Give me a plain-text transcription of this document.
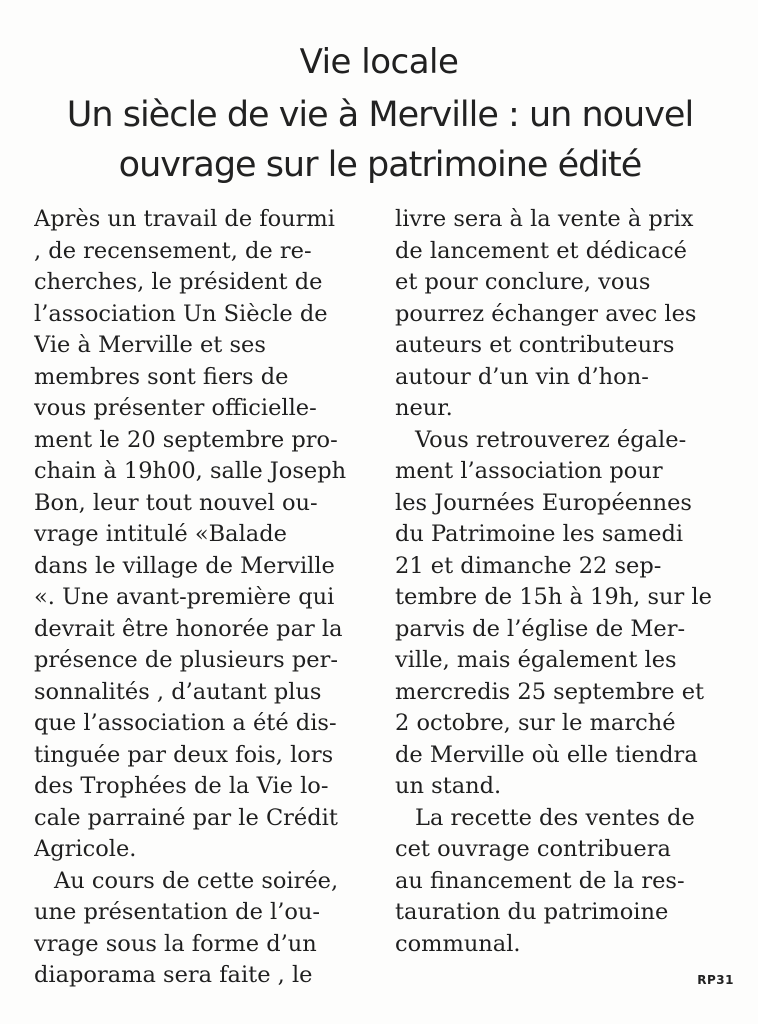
Vie locale
Un siècle de vie à Merville : un nouvel
ouvrage sur le patrimoine édité

Après un travail de fourmi
, de recensement, de re-
cherches, le président de
l’association Un Siècle de
Vie à Merville et ses
membres sont fiers de
vous présenter officielle-
ment le 20 septembre pro-
chain à 19h00, salle Joseph
Bon, leur tout nouvel ou-
vrage intitulé «Balade
dans le village de Merville
«. Une avant-première qui
devrait être honorée par la
présence de plusieurs per-
sonnalités , d’autant plus
que l’association a été dis-
tinguée par deux fois, lors
des Trophées de la Vie lo-
cale parrainé par le Crédit
Agricole.

Au cours de cette soirée,
une présentation de l’ou-
vrage sous la forme d’un
diaporama sera faite , le

livre sera à la vente à prix
de lancement et dédicacé
et pour conclure, vous
pourrez échanger avec les
auteurs et contributeurs
autour d’un vin d’hon-
neur.

Vous retrouverez égale-
ment l’association pour
les Journées Européennes
du Patrimoine les samedi
21 et dimanche 22 sep-
tembre de 15h à 19h, sur le
parvis de l’église de Mer-
ville, mais également les
mercredis 25 septembre et
2 octobre, sur le marché
de Merville où elle tiendra
un stand.

La recette des ventes de
cet ouvrage contribuera
au financement de la res-
tauration du patrimoine
communal.

RP31
